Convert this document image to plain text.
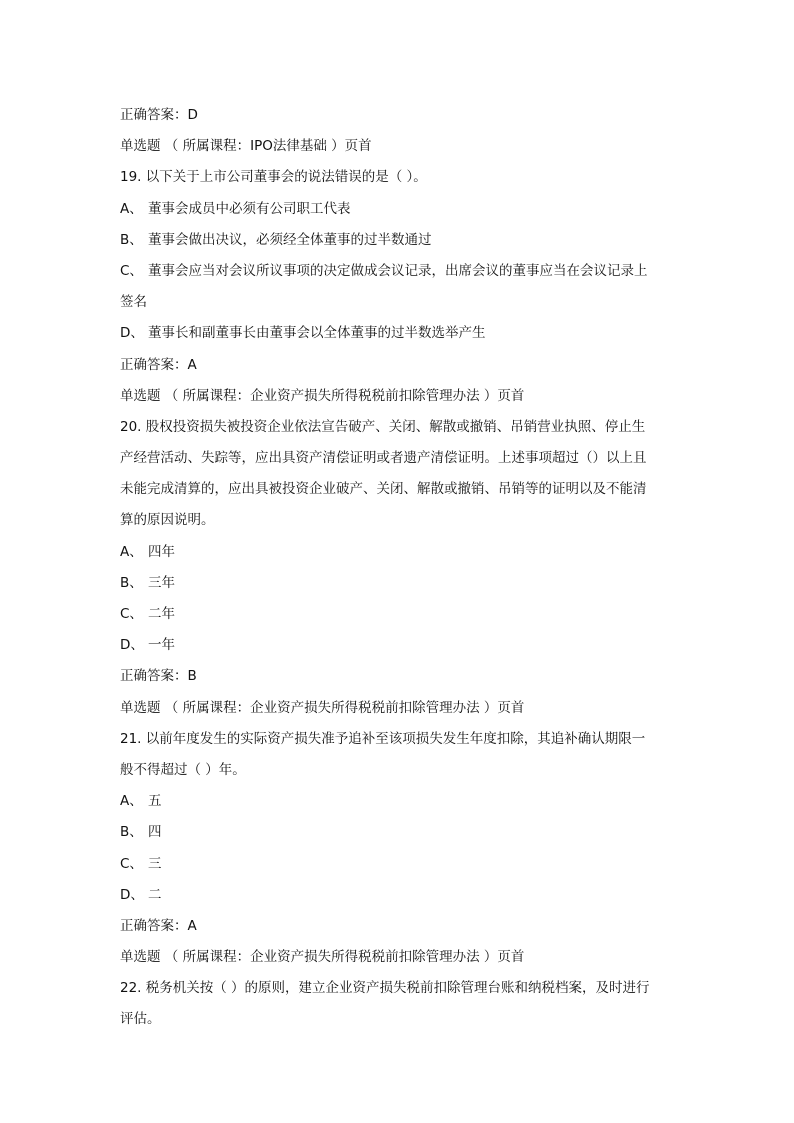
正确答案：D
单选题 （ 所属课程：IPO法律基础 ）页首
19. 以下关于上市公司董事会的说法错误的是（ ）。
A、 董事会成员中必须有公司职工代表
B、 董事会做出决议，必须经全体董事的过半数通过
C、 董事会应当对会议所议事项的决定做成会议记录，出席会议的董事应当在会议记录上
签名
D、 董事长和副董事长由董事会以全体董事的过半数选举产生
正确答案：A
单选题 （ 所属课程：企业资产损失所得税税前扣除管理办法 ）页首
20. 股权投资损失被投资企业依法宣告破产、关闭、解散或撤销、吊销营业执照、停止生
产经营活动、失踪等，应出具资产清偿证明或者遗产清偿证明。上述事项超过（）以上且
未能完成清算的，应出具被投资企业破产、关闭、解散或撤销、吊销等的证明以及不能清
算的原因说明。
A、 四年
B、 三年
C、 二年
D、 一年
正确答案：B
单选题 （ 所属课程：企业资产损失所得税税前扣除管理办法 ）页首
21. 以前年度发生的实际资产损失准予追补至该项损失发生年度扣除，其追补确认期限一
般不得超过（ ）年。
A、 五
B、 四
C、 三
D、 二
正确答案：A
单选题 （ 所属课程：企业资产损失所得税税前扣除管理办法 ）页首
22. 税务机关按（ ）的原则，建立企业资产损失税前扣除管理台账和纳税档案，及时进行
评估。
